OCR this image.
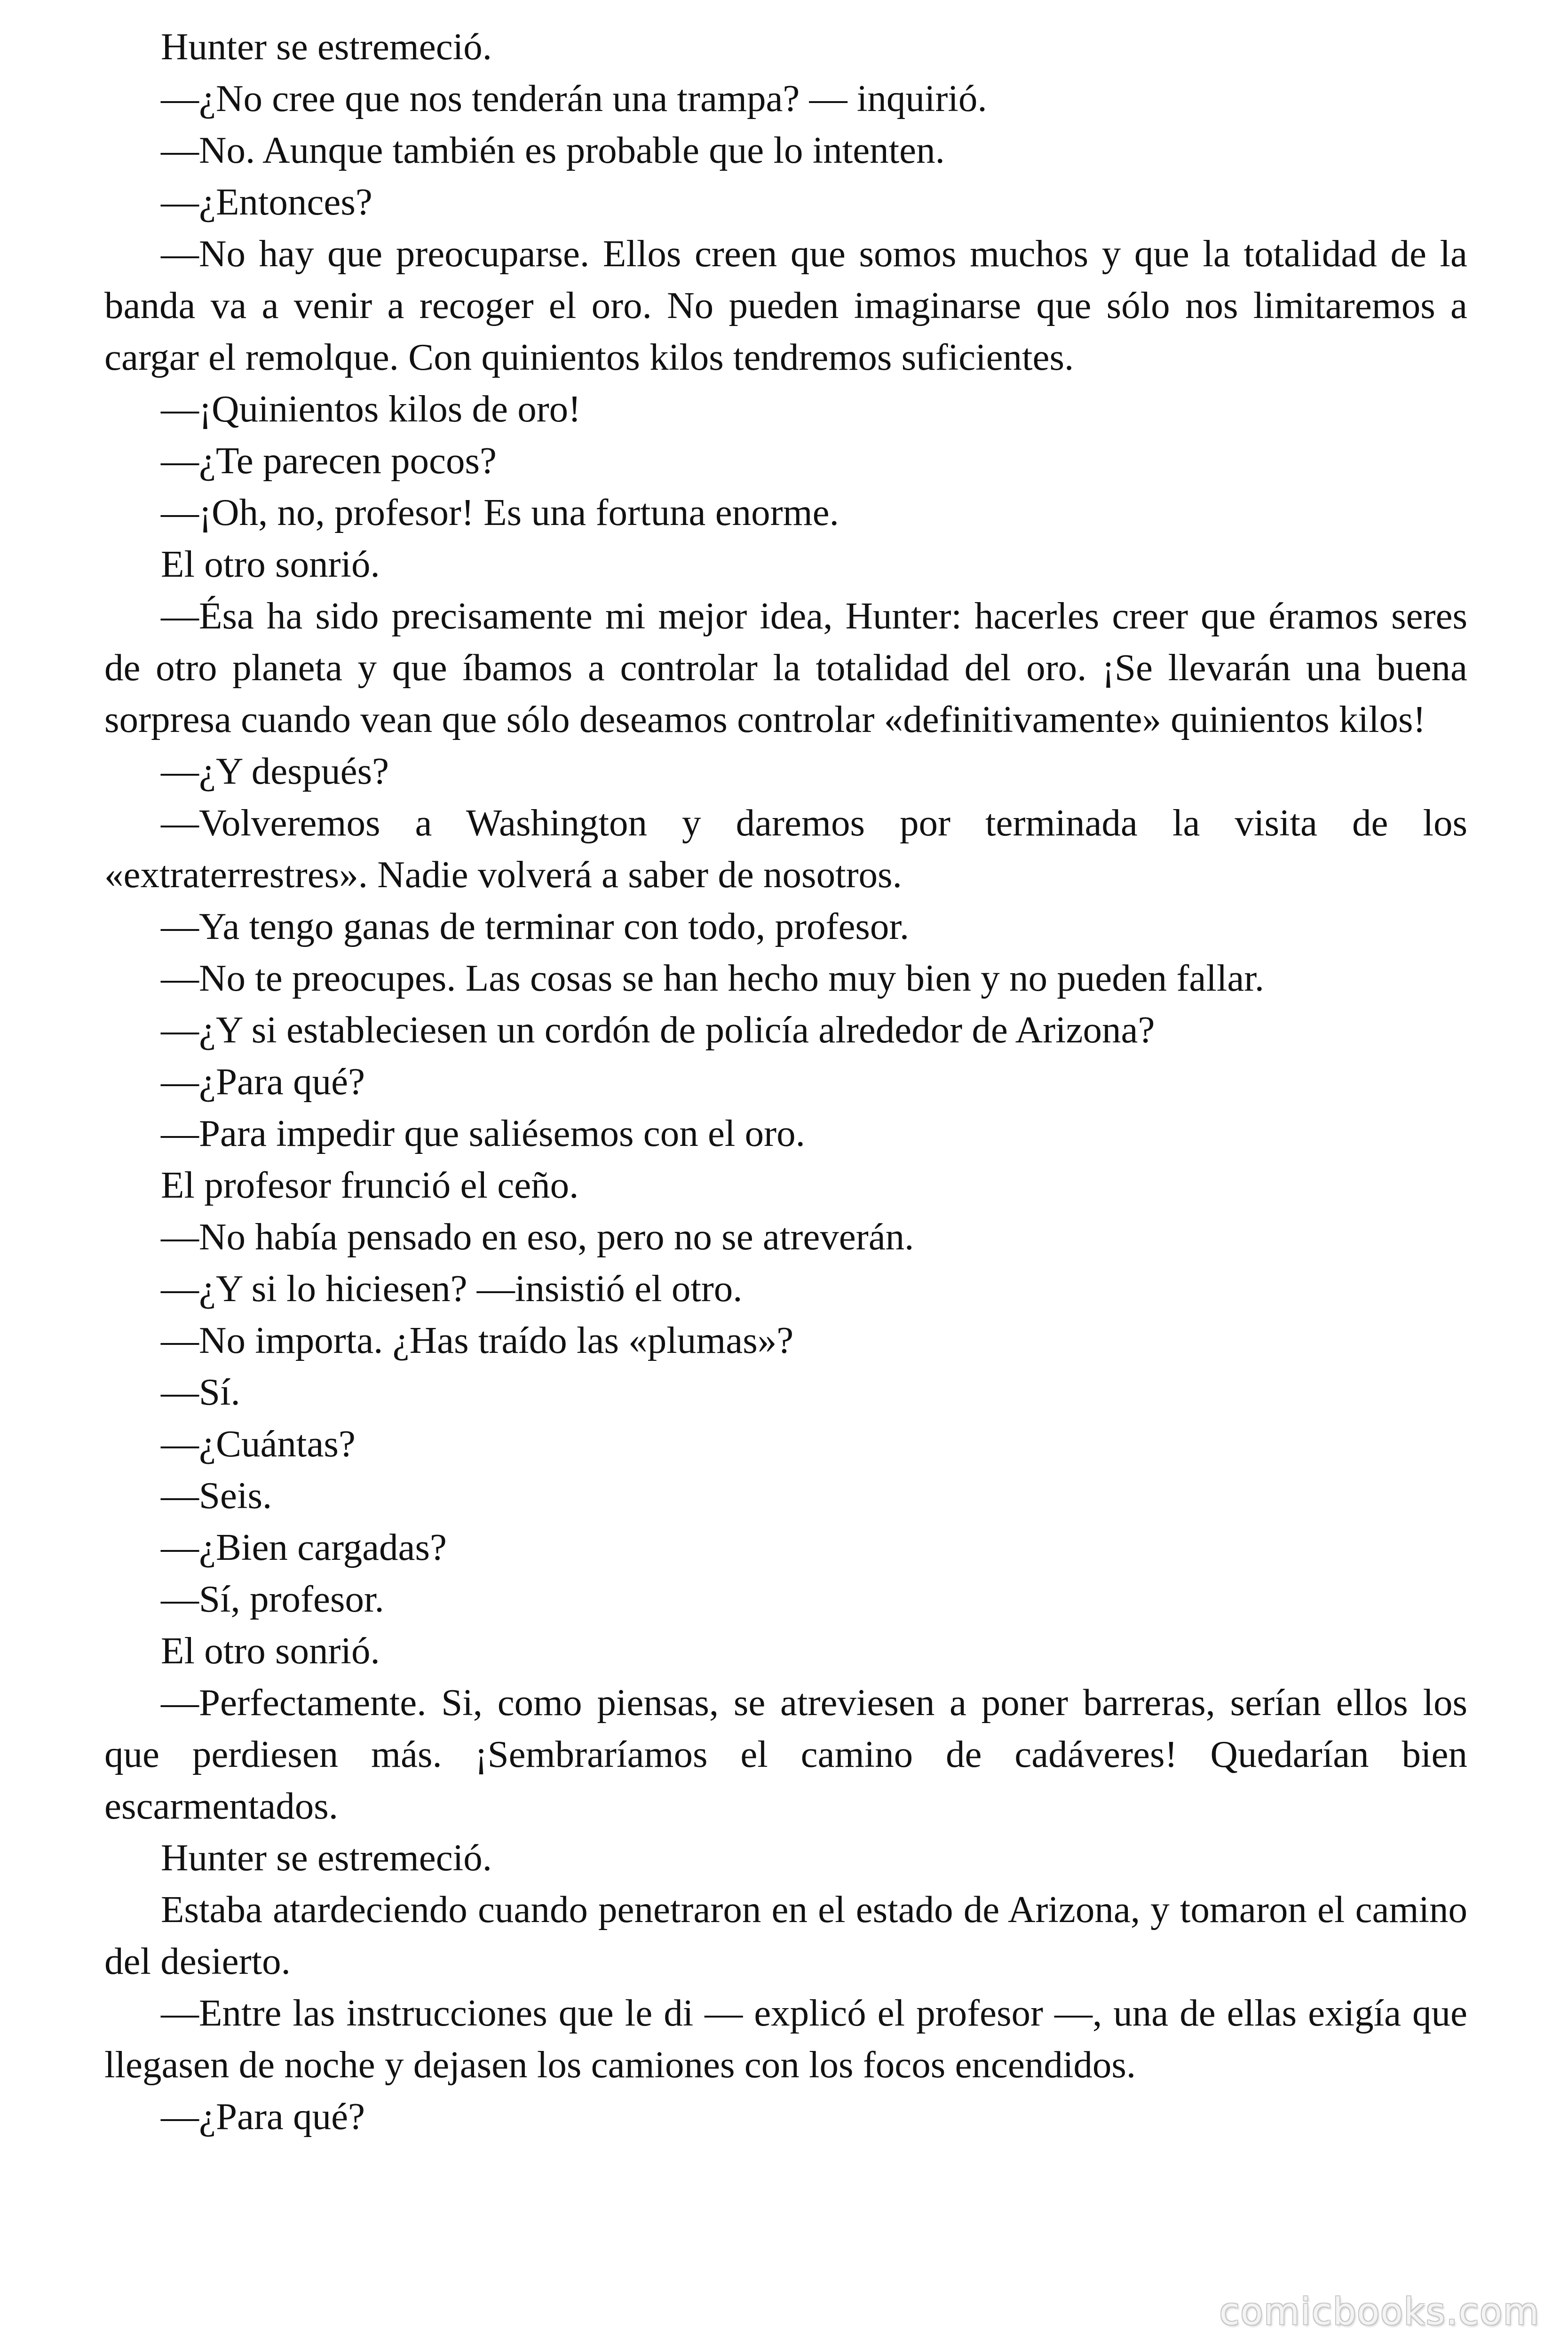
Hunter se estremeció.

—¿No cree que nos tenderán una trampa? — inquirió.

—No. Aunque también es probable que lo intenten.

—¿Entonces?

—No hay que preocuparse. Ellos creen que somos muchos y que la totalidad de la banda va a venir a recoger el oro. No pueden imaginarse que sólo nos limitaremos a cargar el remolque. Con quinientos kilos tendremos suficientes.

—¡Quinientos kilos de oro!

—¿Te parecen pocos?

—¡Oh, no, profesor! Es una fortuna enorme.

El otro sonrió.

—Ésa ha sido precisamente mi mejor idea, Hunter: hacerles creer que éramos seres de otro planeta y que íbamos a controlar la totalidad del oro. ¡Se llevarán una buena sorpresa cuando vean que sólo deseamos controlar «definitivamente» quinientos kilos!

—¿Y después?

—Volveremos a Washington y daremos por terminada la visita de los «extraterrestres». Nadie volverá a saber de nosotros.

—Ya tengo ganas de terminar con todo, profesor.

—No te preocupes. Las cosas se han hecho muy bien y no pueden fallar.

—¿Y si estableciesen un cordón de policía alrededor de Arizona?

—¿Para qué?

—Para impedir que saliésemos con el oro.

El profesor frunció el ceño.

—No había pensado en eso, pero no se atreverán.

—¿Y si lo hiciesen? —insistió el otro.

—No importa. ¿Has traído las «plumas»?

—Sí.

—¿Cuántas?

—Seis.

—¿Bien cargadas?

—Sí, profesor.

El otro sonrió.

—Perfectamente. Si, como piensas, se atreviesen a poner barreras, serían ellos los que perdiesen más. ¡Sembraríamos el camino de cadáveres! Quedarían bien escarmentados.

Hunter se estremeció.

Estaba atardeciendo cuando penetraron en el estado de Arizona, y tomaron el camino del desierto.

—Entre las instrucciones que le di — explicó el profesor —, una de ellas exigía que llegasen de noche y dejasen los camiones con los focos encendidos.

—¿Para qué?

comicbooks.com
